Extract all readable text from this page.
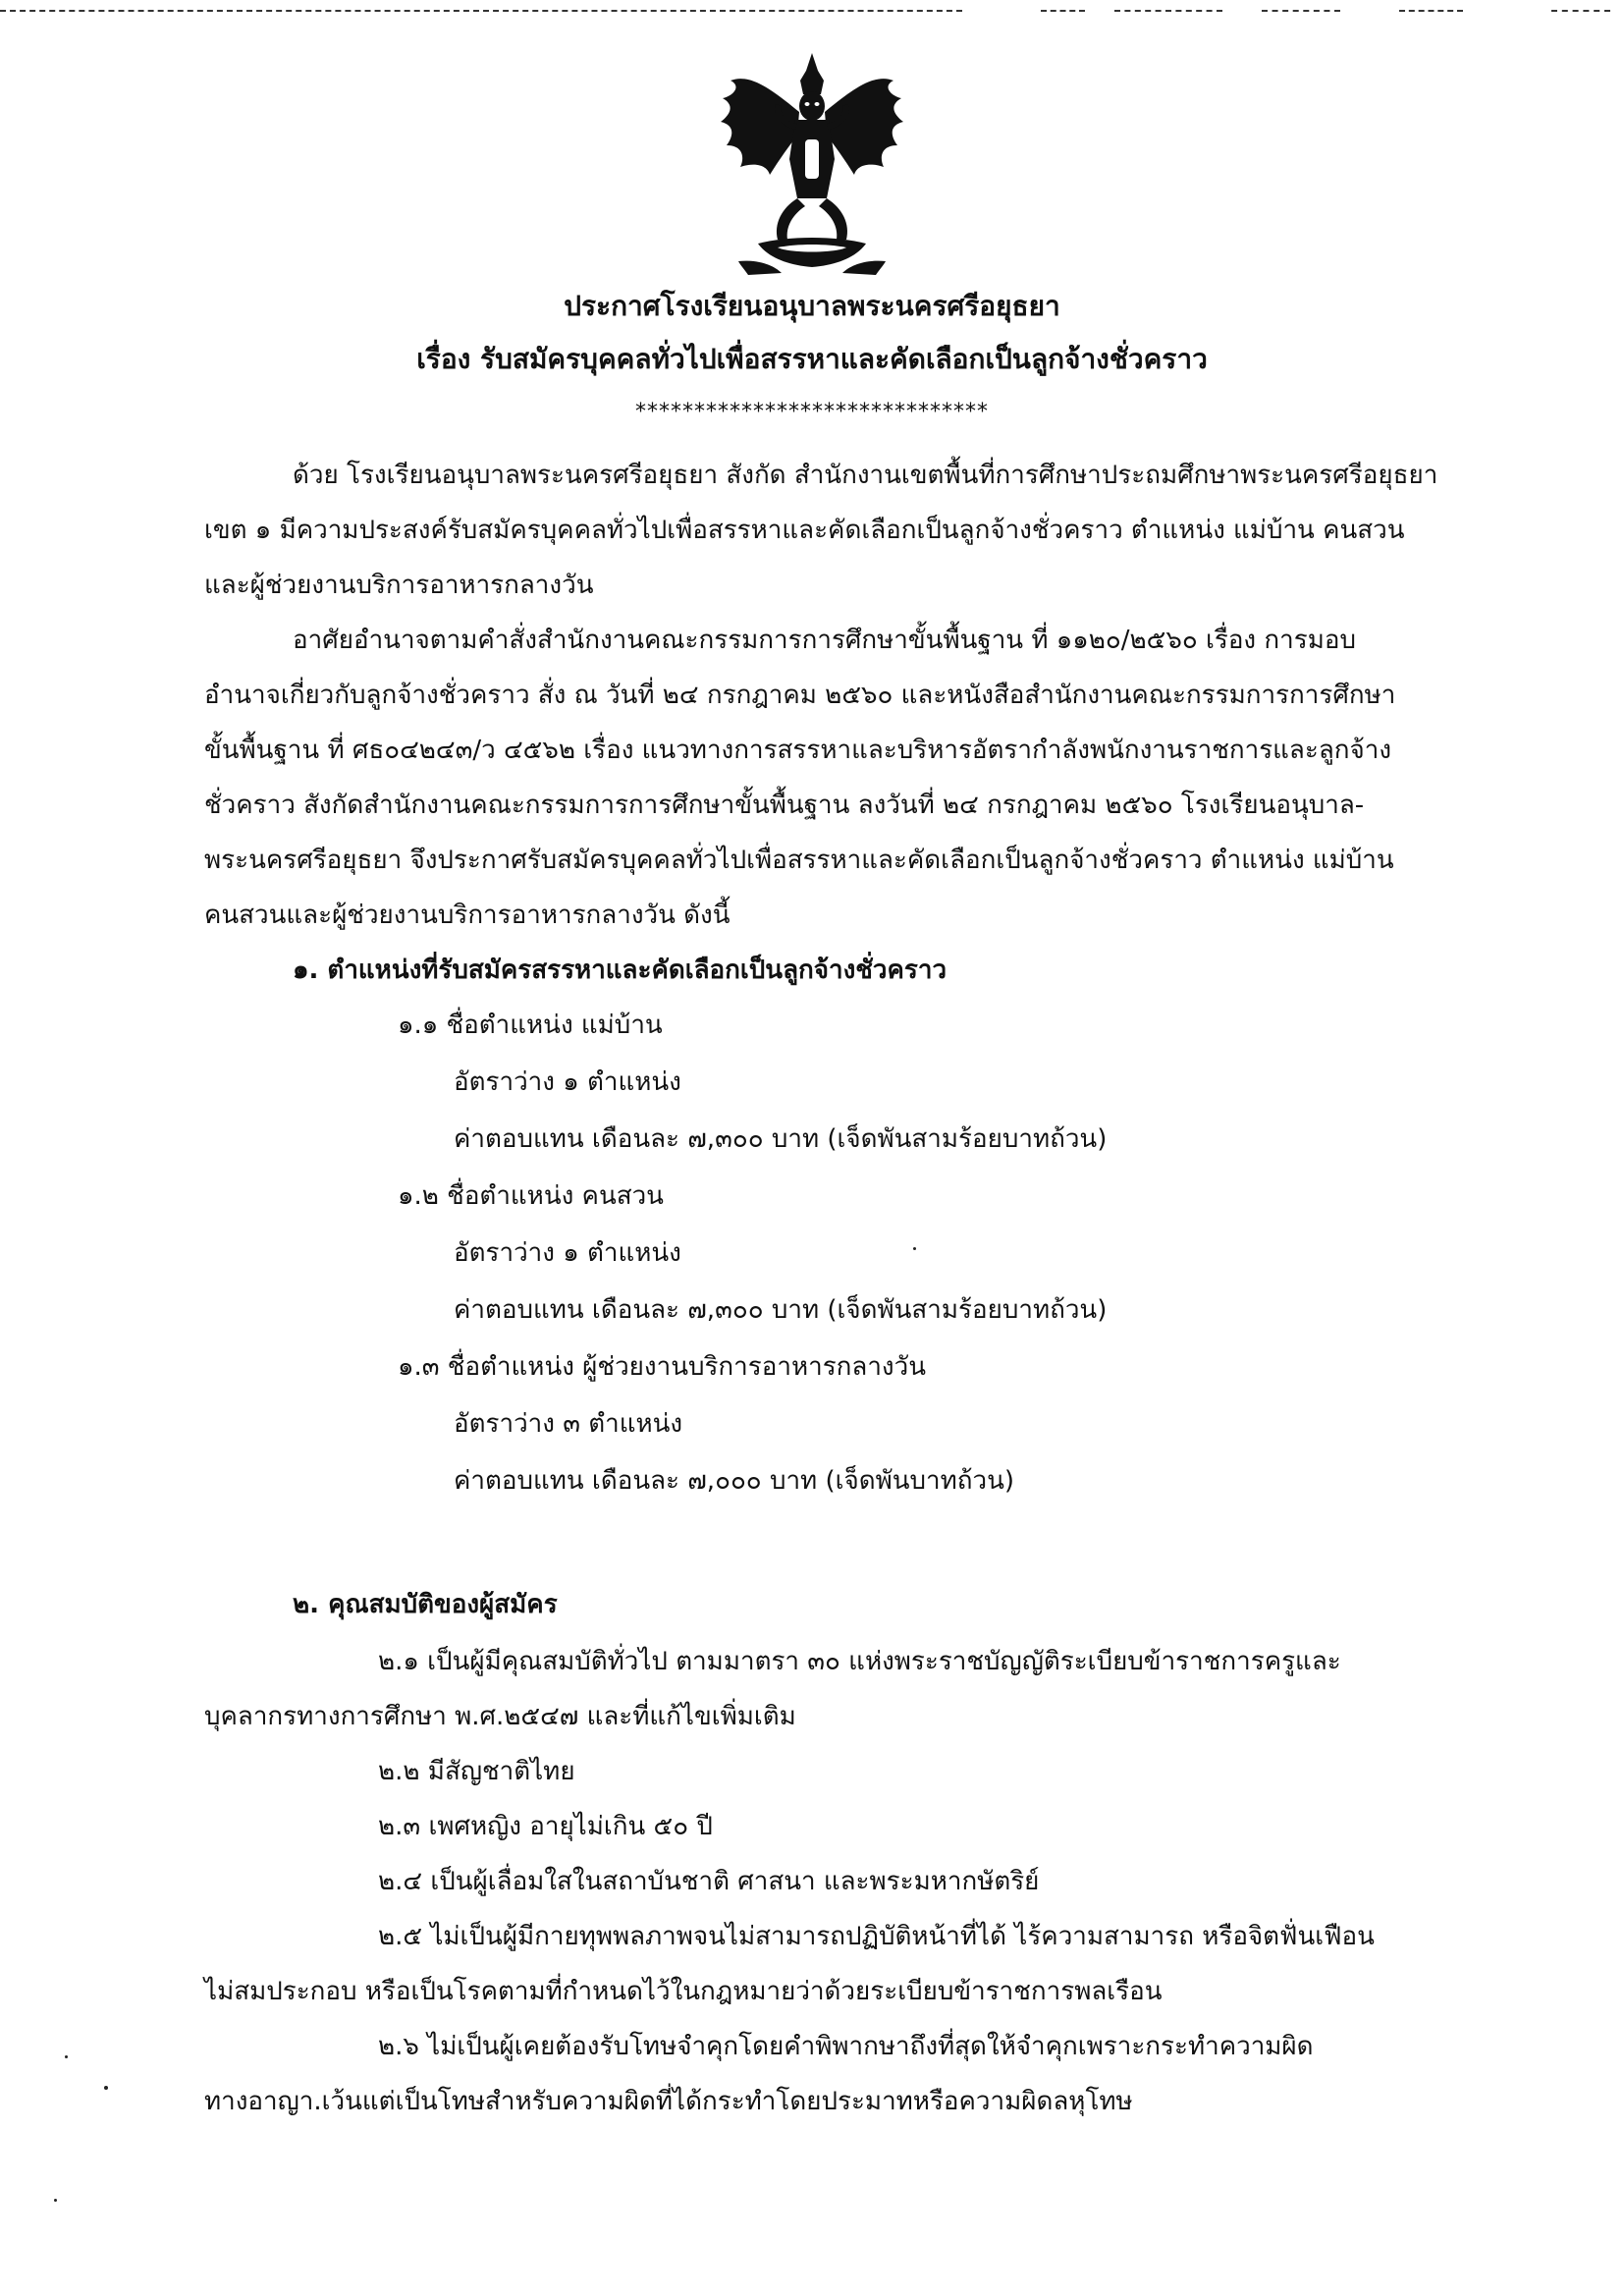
ประกาศโรงเรียนอนุบาลพระนครศรีอยุธยา
เรื่อง รับสมัครบุคคลทั่วไปเพื่อสรรหาและคัดเลือกเป็นลูกจ้างชั่วคราว
******************************
ด้วย โรงเรียนอนุบาลพระนครศรีอยุธยา สังกัด สำนักงานเขตพื้นที่การศึกษาประถมศึกษาพระนครศรีอยุธยา
เขต ๑ มีความประสงค์รับสมัครบุคคลทั่วไปเพื่อสรรหาและคัดเลือกเป็นลูกจ้างชั่วคราว ตำแหน่ง แม่บ้าน คนสวน
และผู้ช่วยงานบริการอาหารกลางวัน
อาศัยอำนาจตามคำสั่งสำนักงานคณะกรรมการการศึกษาขั้นพื้นฐาน ที่ ๑๑๒๐/๒๕๖๐ เรื่อง การมอบ
อำนาจเกี่ยวกับลูกจ้างชั่วคราว สั่ง ณ วันที่ ๒๔ กรกฎาคม ๒๕๖๐ และหนังสือสำนักงานคณะกรรมการการศึกษา
ขั้นพื้นฐาน ที่ ศธ๐๔๒๔๓/ว ๔๕๖๒ เรื่อง แนวทางการสรรหาและบริหารอัตรากำลังพนักงานราชการและลูกจ้าง
ชั่วคราว สังกัดสำนักงานคณะกรรมการการศึกษาขั้นพื้นฐาน ลงวันที่ ๒๔ กรกฎาคม ๒๕๖๐ โรงเรียนอนุบาล-
พระนครศรีอยุธยา จึงประกาศรับสมัครบุคคลทั่วไปเพื่อสรรหาและคัดเลือกเป็นลูกจ้างชั่วคราว ตำแหน่ง แม่บ้าน
คนสวนและผู้ช่วยงานบริการอาหารกลางวัน ดังนี้
๑. ตำแหน่งที่รับสมัครสรรหาและคัดเลือกเป็นลูกจ้างชั่วคราว
๑.๑ ชื่อตำแหน่ง แม่บ้าน
อัตราว่าง ๑ ตำแหน่ง
ค่าตอบแทน เดือนละ ๗,๓๐๐ บาท (เจ็ดพันสามร้อยบาทถ้วน)
๑.๒ ชื่อตำแหน่ง คนสวน
อัตราว่าง ๑ ตำแหน่ง
ค่าตอบแทน เดือนละ ๗,๓๐๐ บาท (เจ็ดพันสามร้อยบาทถ้วน)
๑.๓ ชื่อตำแหน่ง ผู้ช่วยงานบริการอาหารกลางวัน
อัตราว่าง ๓ ตำแหน่ง
ค่าตอบแทน เดือนละ ๗,๐๐๐ บาท (เจ็ดพันบาทถ้วน)
๒. คุณสมบัติของผู้สมัคร
๒.๑ เป็นผู้มีคุณสมบัติทั่วไป ตามมาตรา ๓๐ แห่งพระราชบัญญัติระเบียบข้าราชการครูและ
บุคลากรทางการศึกษา พ.ศ.๒๕๔๗ และที่แก้ไขเพิ่มเติม
๒.๒ มีสัญชาติไทย
๒.๓ เพศหญิง อายุไม่เกิน ๕๐ ปี
๒.๔ เป็นผู้เลื่อมใสในสถาบันชาติ ศาสนา และพระมหากษัตริย์
๒.๕ ไม่เป็นผู้มีกายทุพพลภาพจนไม่สามารถปฏิบัติหน้าที่ได้ ไร้ความสามารถ หรือจิตฟั่นเฟือน
ไม่สมประกอบ หรือเป็นโรคตามที่กำหนดไว้ในกฎหมายว่าด้วยระเบียบข้าราชการพลเรือน
๒.๖ ไม่เป็นผู้เคยต้องรับโทษจำคุกโดยคำพิพากษาถึงที่สุดให้จำคุกเพราะกระทำความผิด
ทางอาญา.เว้นแต่เป็นโทษสำหรับความผิดที่ได้กระทำโดยประมาทหรือความผิดลหุโทษ
